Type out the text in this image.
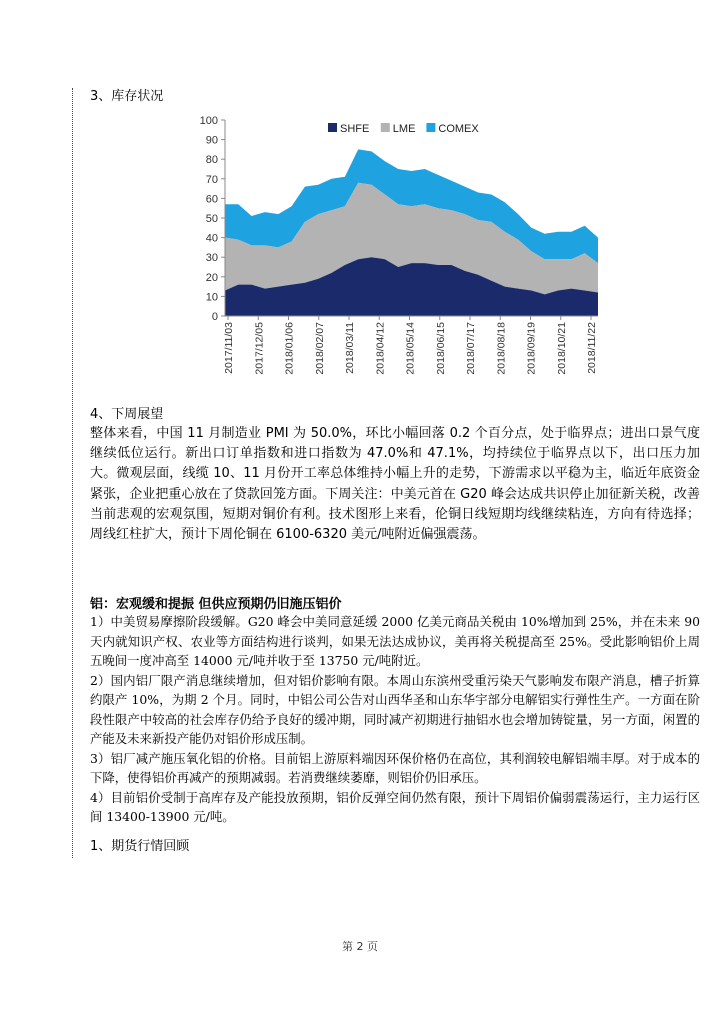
3、库存状况
0
10
20
30
40
50
60
70
80
90
100
2017/11/03 2017/12/05 2018/01/06 2018/02/07 2018/03/11 2018/04/12 2018/05/14 2018/06/15 2018/07/17 2018/08/18 2018/09/19 2018/10/21 2018/11/22
SHFE LME COMEX
4、下周展望
整体来看，中国 11 月制造业 PMI 为 50.0%，环比小幅回落 0.2 个百分点，处于临界点；进出口景气度继续低位运行。新出口订单指数和进口指数为 47.0%和 47.1%，均持续位于临界点以下，出口压力加大。微观层面，线缆 10、11 月份开工率总体维持小幅上升的走势，下游需求以平稳为主，临近年底资金紧张，企业把重心放在了贷款回笼方面。下周关注：中美元首在 G20 峰会达成共识停止加征新关税，改善当前悲观的宏观氛围，短期对铜价有利。技术图形上来看，伦铜日线短期均线继续粘连，方向有待选择；周线红柱扩大，预计下周伦铜在 6100-6320 美元/吨附近偏强震荡。
铝：宏观缓和提振 但供应预期仍旧施压铝价

1）中美贸易摩擦阶段缓解。G20 峰会中美同意延缓 2000 亿美元商品关税由 10%增加到 25%，并在未来 90 天内就知识产权、农业等方面结构进行谈判，如果无法达成协议，美再将关税提高至 25%。受此影响铝价上周五晚间一度冲高至 14000 元/吨并收于至 13750 元/吨附近。

2）国内铝厂限产消息继续增加，但对铝价影响有限。本周山东滨州受重污染天气影响发布限产消息，槽子折算约限产 10%，为期 2 个月。同时，中铝公司公告对山西华圣和山东华宇部分电解铝实行弹性生产。一方面在阶段性限产中较高的社会库存仍给予良好的缓冲期，同时减产初期进行抽铝水也会增加铸锭量，另一方面，闲置的产能及未来新投产能仍对铝价形成压制。

3）铝厂减产施压氧化铝的价格。目前铝上游原料端因环保价格仍在高位，其利润较电解铝端丰厚。对于成本的下降，使得铝价再减产的预期减弱。若消费继续萎靡，则铝价仍旧承压。

4）目前铝价受制于高库存及产能投放预期，铝价反弹空间仍然有限，预计下周铝价偏弱震荡运行，主力运行区间 13400-13900 元/吨。

1、期货行情回顾
第 2 页
